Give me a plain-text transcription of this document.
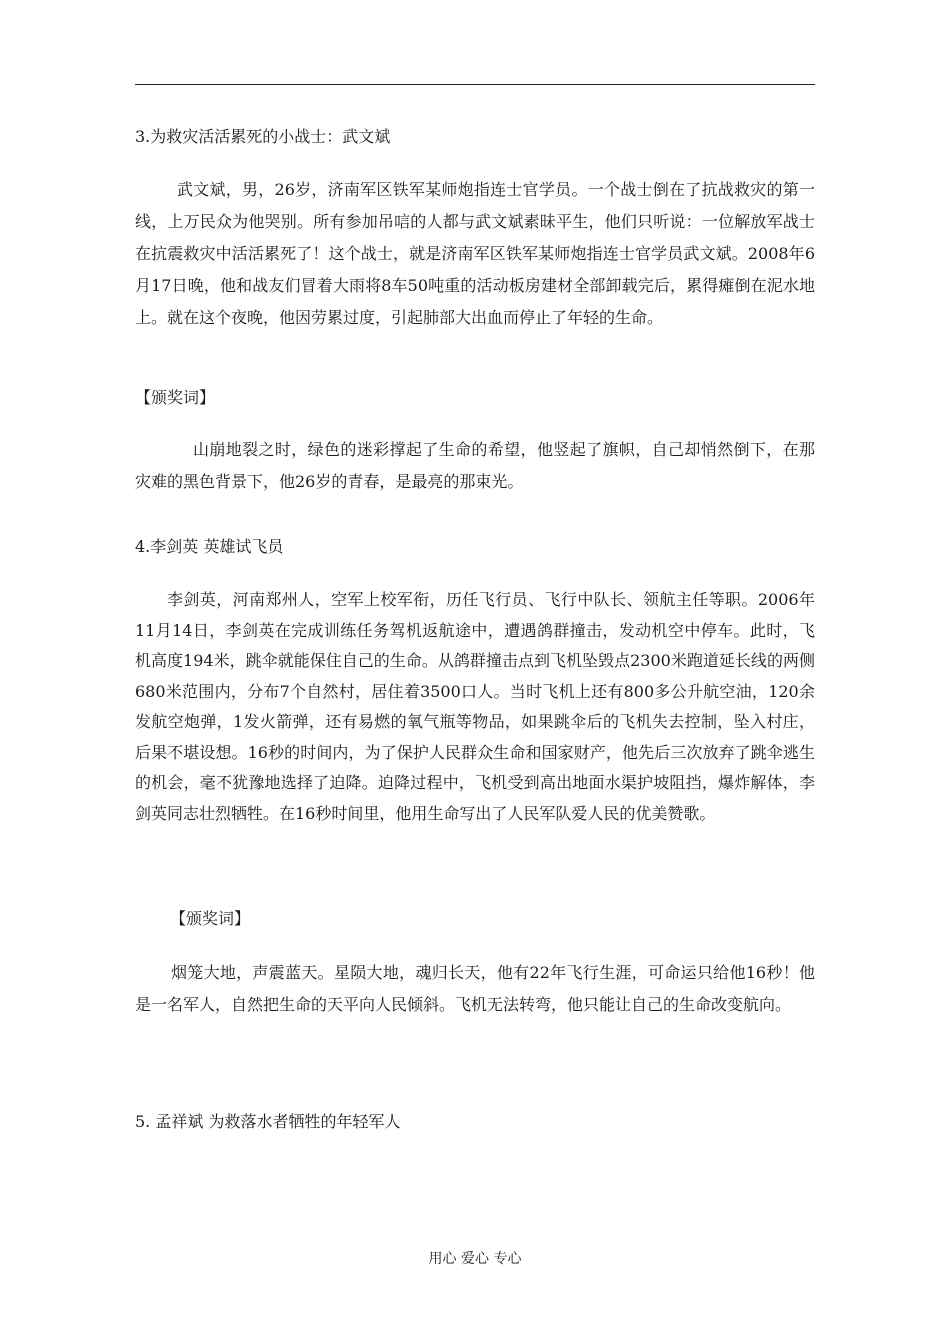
3.为救灾活活累死的小战士：武文斌

武文斌，男，26岁，济南军区铁军某师炮指连士官学员。一个战士倒在了抗战救灾的第一线，上万民众为他哭别。所有参加吊唁的人都与武文斌素昧平生，他们只听说：一位解放军战士在抗震救灾中活活累死了！这个战士，就是济南军区铁军某师炮指连士官学员武文斌。2008年6月17日晚，他和战友们冒着大雨将8车50吨重的活动板房建材全部卸载完后，累得瘫倒在泥水地上。就在这个夜晚，他因劳累过度，引起肺部大出血而停止了年轻的生命。

【颁奖词】

山崩地裂之时，绿色的迷彩撑起了生命的希望，他竖起了旗帜，自己却悄然倒下，在那灾难的黑色背景下，他26岁的青春，是最亮的那束光。

4.李剑英 英雄试飞员

李剑英，河南郑州人，空军上校军衔，历任飞行员、飞行中队长、领航主任等职。2006年11月14日，李剑英在完成训练任务驾机返航途中，遭遇鸽群撞击，发动机空中停车。此时，飞机高度194米，跳伞就能保住自己的生命。从鸽群撞击点到飞机坠毁点2300米跑道延长线的两侧680米范围内，分布7个自然村，居住着3500口人。当时飞机上还有800多公升航空油，120余发航空炮弹，1发火箭弹，还有易燃的氧气瓶等物品，如果跳伞后的飞机失去控制，坠入村庄，后果不堪设想。16秒的时间内，为了保护人民群众生命和国家财产，他先后三次放弃了跳伞逃生的机会，毫不犹豫地选择了迫降。迫降过程中，飞机受到高出地面水渠护坡阻挡，爆炸解体，李剑英同志壮烈牺牲。在16秒时间里，他用生命写出了人民军队爱人民的优美赞歌。

【颁奖词】

烟笼大地，声震蓝天。星陨大地，魂归长天，他有22年飞行生涯，可命运只给他16秒！他是一名军人，自然把生命的天平向人民倾斜。飞机无法转弯，他只能让自己的生命改变航向。

5. 孟祥斌 为救落水者牺牲的年轻军人
用心 爱心 专心
